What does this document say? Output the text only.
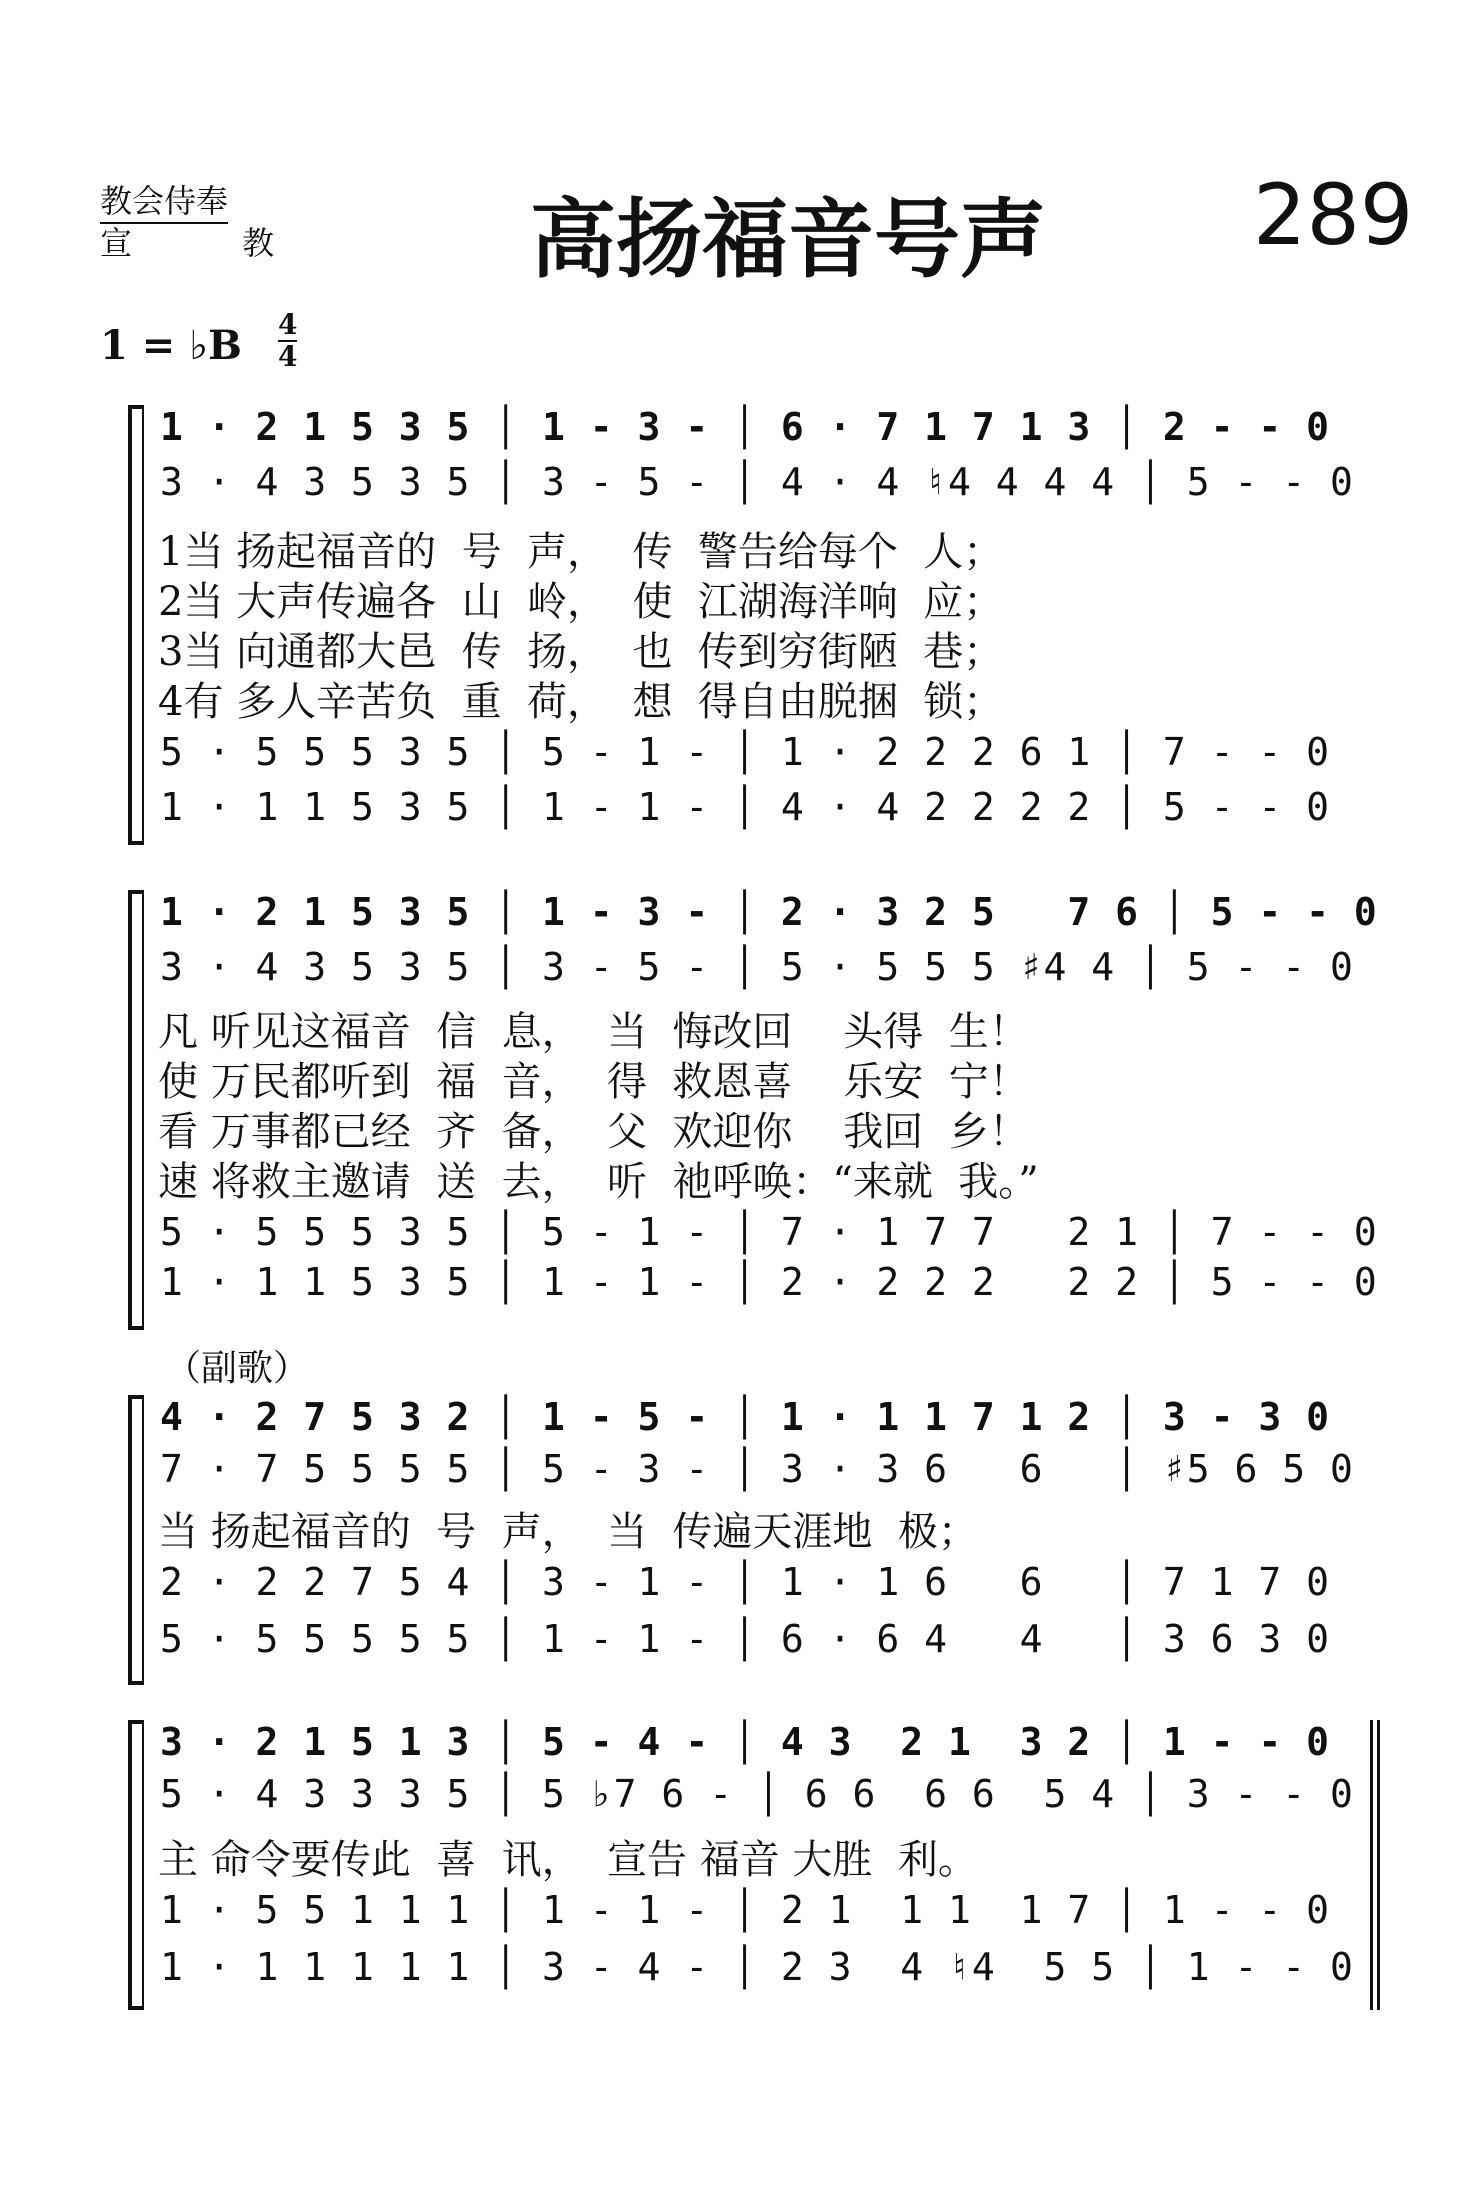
教会侍奉
宣 教 高扬福音号声 289
1 = ♭B 4
4
1 · 2 1 5 3 5 │ 1 - 3 - │ 6 · 7 1 7 1 3 │ 2 - - 0
3 · 4 3 5 3 5 │ 3 - 5 - │ 4 · 4 ♮4 4 4 4 │ 5 - - 0
1当 扬起福音的  号  声，  传  警告给每个  人；
2当 大声传遍各  山  岭，  使  江湖海洋响  应；
3当 向通都大邑  传  扬，  也  传到穷街陋  巷；
4有 多人辛苦负  重  荷，  想  得自由脱捆  锁；
5 · 5 5 5 3 5 │ 5 - 1 - │ 1 · 2 2 2 6 1 │ 7 - - 0
1 · 1 1 5 3 5 │ 1 - 1 - │ 4 · 4 2 2 2 2 │ 5 - - 0
1 · 2 1 5 3 5 │ 1 - 3 - │ 2 · 3 2 5   7 6 │ 5 - - 0
3 · 4 3 5 3 5 │ 3 - 5 - │ 5 · 5 5 5 ♯4 4 │ 5 - - 0
凡 听见这福音  信  息，  当  悔改回    头得  生！
使 万民都听到  福  音，  得  救恩喜    乐安  宁！
看 万事都已经  齐  备，  父  欢迎你    我回  乡！
速 将救主邀请  送  去，  听  祂呼唤：“来就  我。”
5 · 5 5 5 3 5 │ 5 - 1 - │ 7 · 1 7 7   2 1 │ 7 - - 0
1 · 1 1 5 3 5 │ 1 - 1 - │ 2 · 2 2 2   2 2 │ 5 - - 0
（副歌）
4 · 2 7 5 3 2 │ 1 - 5 - │ 1 · 1 1 7 1 2 │ 3 - 3 0
7 · 7 5 5 5 5 │ 5 - 3 - │ 3 · 3 6   6   │ ♯5 6 5 0
当 扬起福音的  号  声，  当  传遍天涯地  极；
2 · 2 2 7 5 4 │ 3 - 1 - │ 1 · 1 6   6   │ 7 1 7 0
5 · 5 5 5 5 5 │ 1 - 1 - │ 6 · 6 4   4   │ 3 6 3 0
3 · 2 1 5 1 3 │ 5 - 4 - │ 4 3  2 1  3 2 │ 1 - - 0
5 · 4 3 3 3 5 │ 5 ♭7 6 - │ 6 6  6 6  5 4 │ 3 - - 0
主 命令要传此  喜  讯，  宣告 福音 大胜  利。
1 · 5 5 1 1 1 │ 1 - 1 - │ 2 1  1 1  1 7 │ 1 - - 0
1 · 1 1 1 1 1 │ 3 - 4 - │ 2 3  4 ♮4  5 5 │ 1 - - 0
